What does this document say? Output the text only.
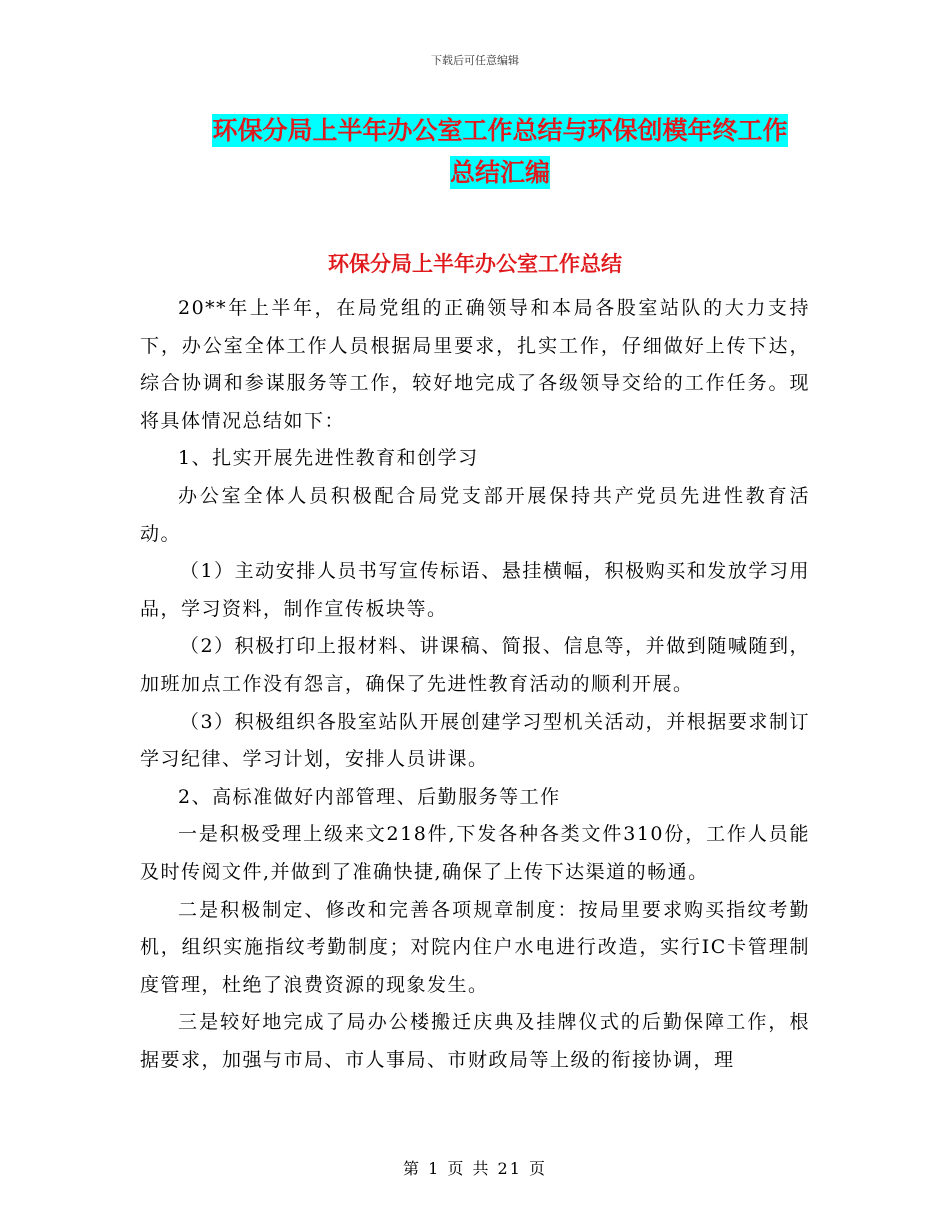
下载后可任意编辑
环保分局上半年办公室工作总结与环保创模年终工作
总结汇编
环保分局上半年办公室工作总结

20**年上半年，在局党组的正确领导和本局各股室站队的大力支持下，办公室全体工作人员根据局里要求，扎实工作，仔细做好上传下达，综合协调和参谋服务等工作，较好地完成了各级领导交给的工作任务。现将具体情况总结如下：

1、扎实开展先进性教育和创学习

办公室全体人员积极配合局党支部开展保持共产党员先进性教育活动。

（1）主动安排人员书写宣传标语、悬挂横幅，积极购买和发放学习用品，学习资料，制作宣传板块等。

（2）积极打印上报材料、讲课稿、简报、信息等，并做到随喊随到，加班加点工作没有怨言，确保了先进性教育活动的顺利开展。

（3）积极组织各股室站队开展创建学习型机关活动，并根据要求制订学习纪律、学习计划，安排人员讲课。

2、高标准做好内部管理、后勤服务等工作

一是积极受理上级来文218件,下发各种各类文件310份，工作人员能及时传阅文件,并做到了准确快捷,确保了上传下达渠道的畅通。

二是积极制定、修改和完善各项规章制度：按局里要求购买指纹考勤机，组织实施指纹考勤制度；对院内住户水电进行改造，实行IC卡管理制度管理，杜绝了浪费资源的现象发生。

三是较好地完成了局办公楼搬迁庆典及挂牌仪式的后勤保障工作，根据要求，加强与市局、市人事局、市财政局等上级的衔接协调，理

第 1 页 共 21 页
